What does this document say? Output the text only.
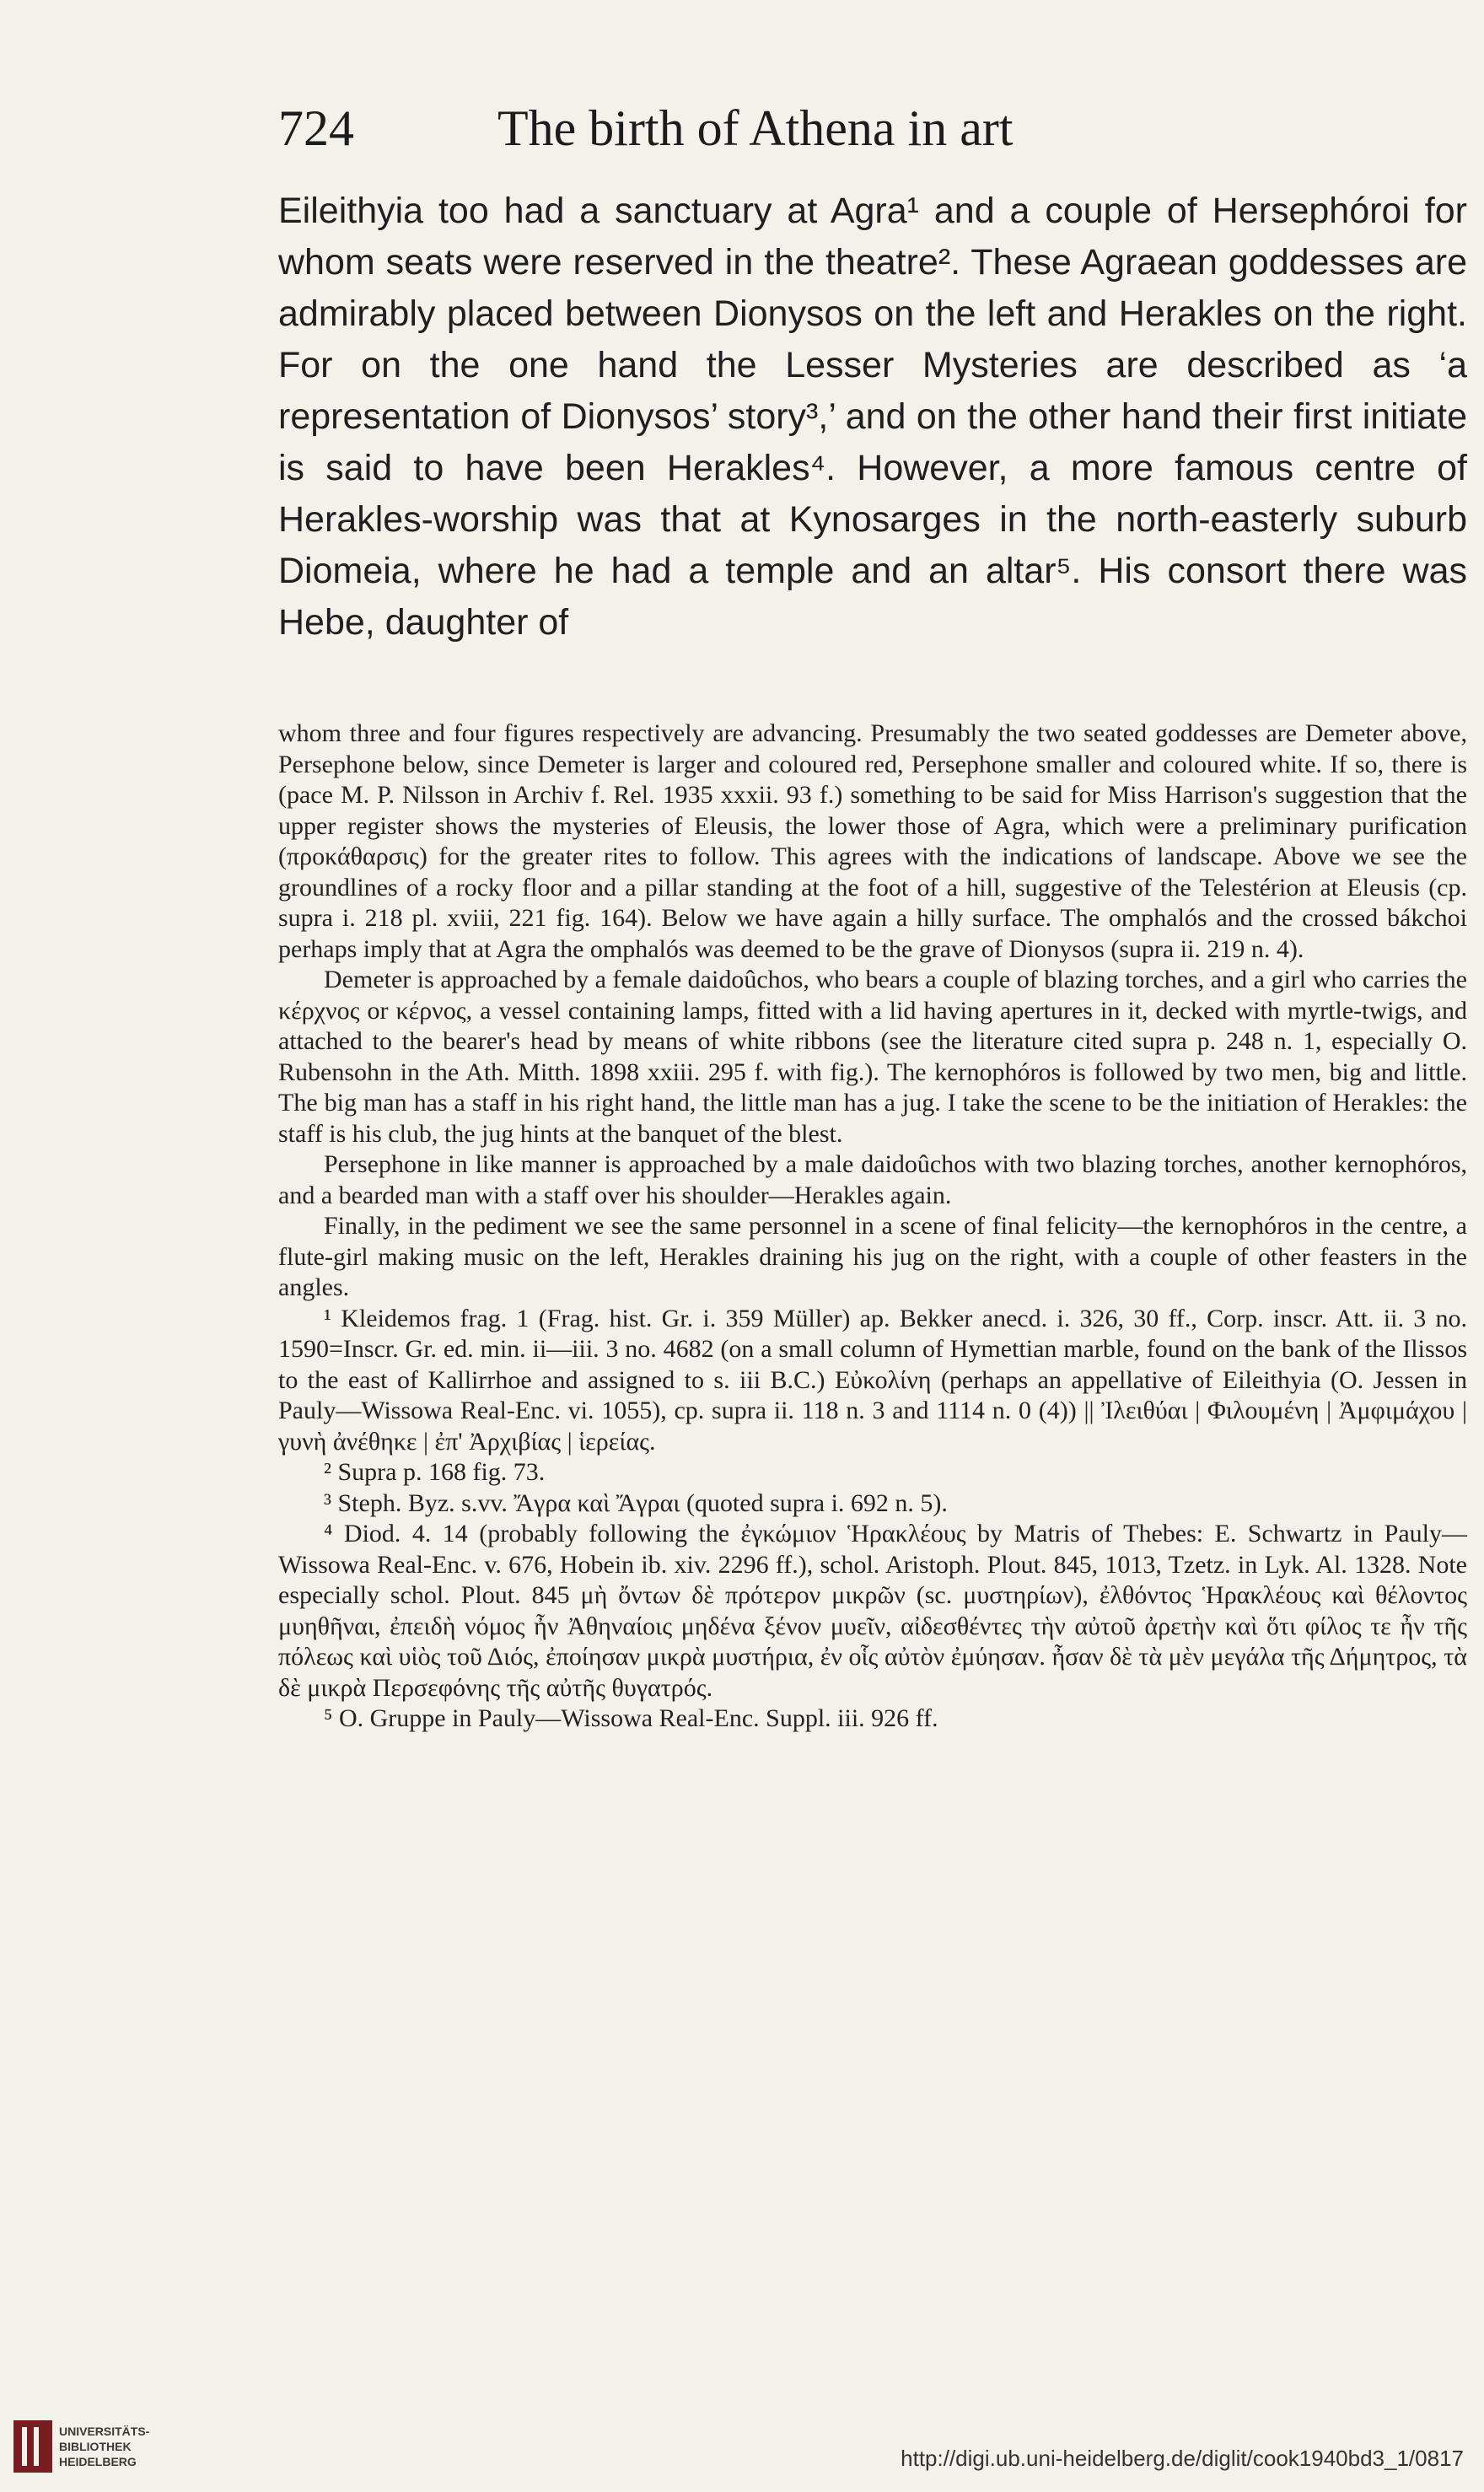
724	The birth of Athena in art

Eileithyia too had a sanctuary at Agra¹ and a couple of Hersephóroi for whom seats were reserved in the theatre². These Agraean goddesses are admirably placed between Dionysos on the left and Herakles on the right. For on the one hand the Lesser Mysteries are described as ‘a representation of Dionysos’ story³,’ and on the other hand their first initiate is said to have been Herakles⁴. However, a more famous centre of Herakles-worship was that at Kynosarges in the north-easterly suburb Diomeia, where he had a temple and an altar⁵. His consort there was Hebe, daughter of

whom three and four figures respectively are advancing. Presumably the two seated goddesses are Demeter above, Persephone below, since Demeter is larger and coloured red, Persephone smaller and coloured white. If so, there is (pace M. P. Nilsson in Archiv f. Rel. 1935 xxxii. 93 f.) something to be said for Miss Harrison's suggestion that the upper register shows the mysteries of Eleusis, the lower those of Agra, which were a preliminary purification (προκάθαρσις) for the greater rites to follow. This agrees with the indications of landscape. Above we see the groundlines of a rocky floor and a pillar standing at the foot of a hill, suggestive of the Telestérion at Eleusis (cp. supra i. 218 pl. xviii, 221 fig. 164). Below we have again a hilly surface. The omphalós and the crossed bákchoi perhaps imply that at Agra the omphalós was deemed to be the grave of Dionysos (supra ii. 219 n. 4).

Demeter is approached by a female daidoûchos, who bears a couple of blazing torches, and a girl who carries the κέρχνος or κέρνος, a vessel containing lamps, fitted with a lid having apertures in it, decked with myrtle-twigs, and attached to the bearer's head by means of white ribbons (see the literature cited supra p. 248 n. 1, especially O. Rubensohn in the Ath. Mitth. 1898 xxiii. 295 f. with fig.). The kernophóros is followed by two men, big and little. The big man has a staff in his right hand, the little man has a jug. I take the scene to be the initiation of Herakles: the staff is his club, the jug hints at the banquet of the blest.

Persephone in like manner is approached by a male daidoûchos with two blazing torches, another kernophóros, and a bearded man with a staff over his shoulder—Herakles again.

Finally, in the pediment we see the same personnel in a scene of final felicity—the kernophóros in the centre, a flute-girl making music on the left, Herakles draining his jug on the right, with a couple of other feasters in the angles.

¹ Kleidemos frag. 1 (Frag. hist. Gr. i. 359 Müller) ap. Bekker anecd. i. 326, 30 ff., Corp. inscr. Att. ii. 3 no. 1590=Inscr. Gr. ed. min. ii—iii. 3 no. 4682 (on a small column of Hymettian marble, found on the bank of the Ilissos to the east of Kallirrhoe and assigned to s. iii B.C.) Εὐκολίνη (perhaps an appellative of Eileithyia (O. Jessen in Pauly—Wissowa Real-Enc. vi. 1055), cp. supra ii. 118 n. 3 and 1114 n. 0 (4)) || Ἰλειθύαι | Φιλουμένη | Ἀμφιμάχου | γυνὴ ἀνέθηκε | ἐπ' Ἀρχιβίας | ἱερείας.

² Supra p. 168 fig. 73.

³ Steph. Byz. s.vv. Ἄγρα καὶ Ἄγραι (quoted supra i. 692 n. 5).

⁴ Diod. 4. 14 (probably following the ἐγκώμιον Ἡρακλέους by Matris of Thebes: E. Schwartz in Pauly—Wissowa Real-Enc. v. 676, Hobein ib. xiv. 2296 ff.), schol. Aristoph. Plout. 845, 1013, Tzetz. in Lyk. Al. 1328. Note especially schol. Plout. 845 μὴ ὄντων δὲ πρότερον μικρῶν (sc. μυστηρίων), ἐλθόντος Ἡρακλέους καὶ θέλοντος μυηθῆναι, ἐπειδὴ νόμος ἦν Ἀθηναίοις μηδένα ξένον μυεῖν, αἰδεσθέντες τὴν αὐτοῦ ἀρετὴν καὶ ὅτι φίλος τε ἦν τῆς πόλεως καὶ υἱὸς τοῦ Διός, ἐποίησαν μικρὰ μυστήρια, ἐν οἷς αὐτὸν ἐμύησαν. ἦσαν δὲ τὰ μὲν μεγάλα τῆς Δήμητρος, τὰ δὲ μικρὰ Περσεφόνης τῆς αὐτῆς θυγατρός.

⁵ O. Gruppe in Pauly—Wissowa Real-Enc. Suppl. iii. 926 ff.

UNIVERSITÄTS-
BIBLIOTHEK
HEIDELBERG	http://digi.ub.uni-heidelberg.de/diglit/cook1940bd3_1/0817
